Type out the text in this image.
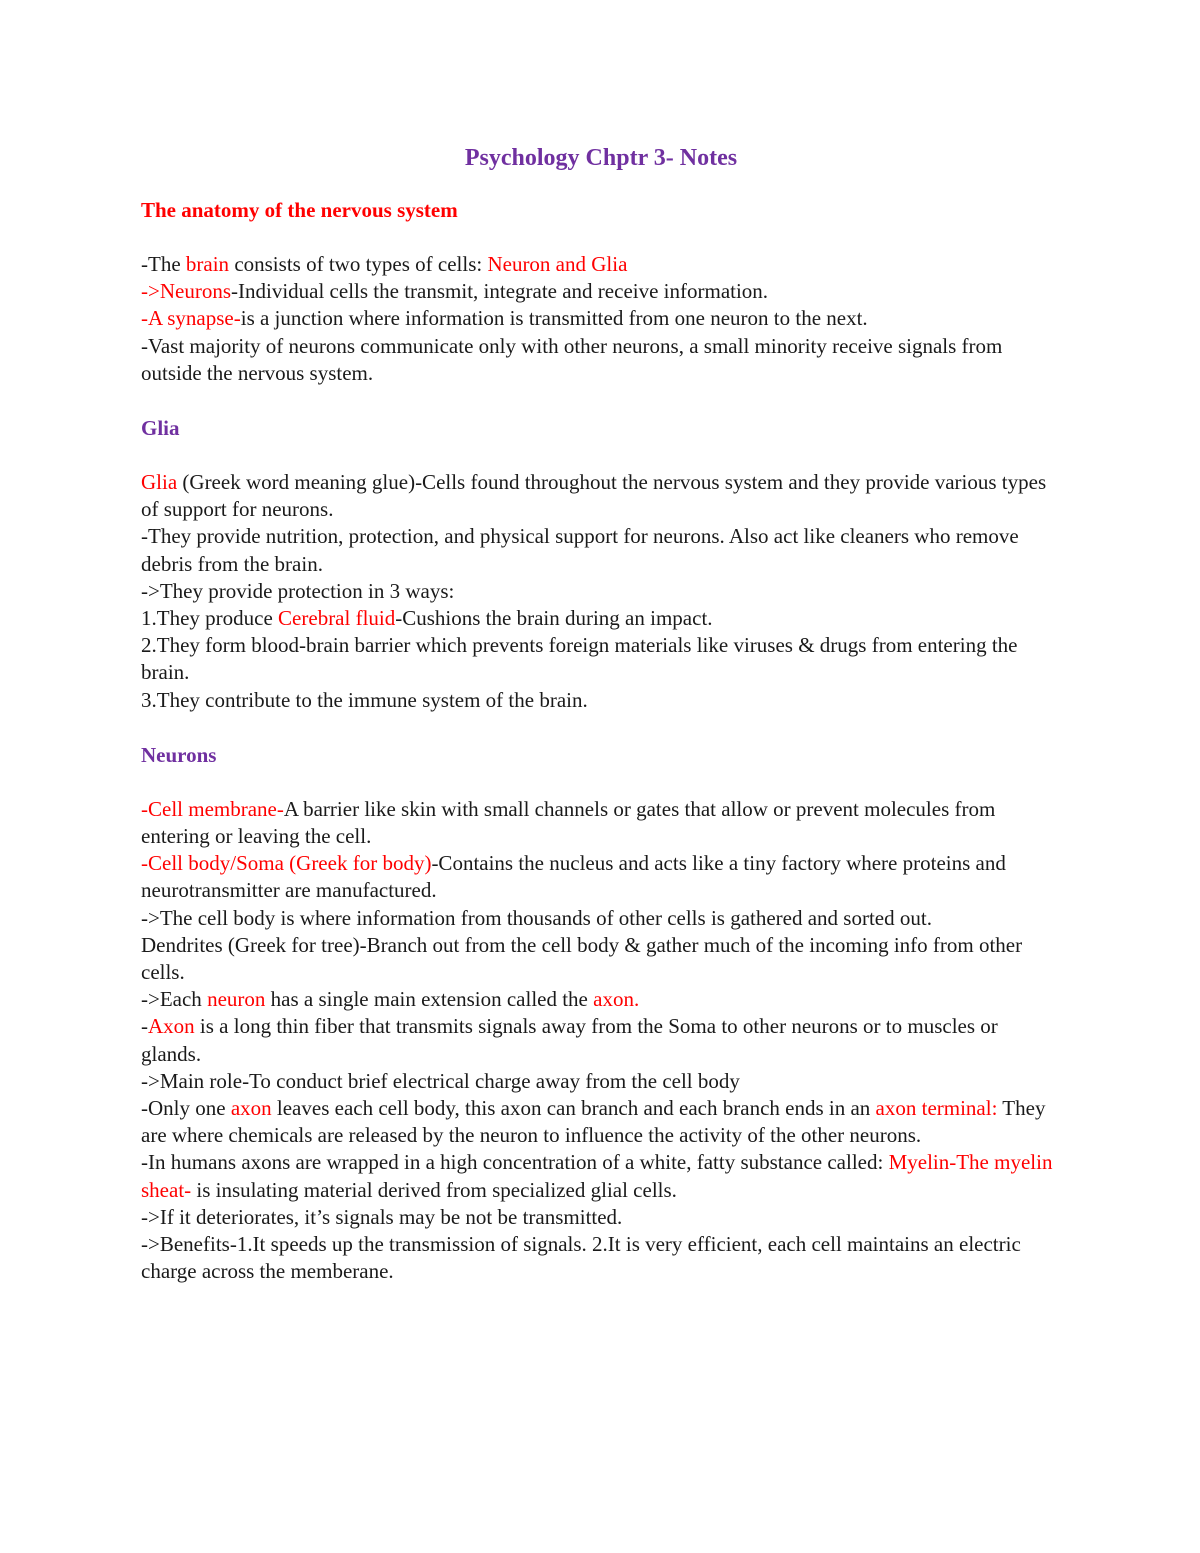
Psychology Chptr 3- Notes
The anatomy of the nervous system
-The brain consists of two types of cells: Neuron and Glia
->Neurons-Individual cells the transmit, integrate and receive information.
-A synapse-is a junction where information is transmitted from one neuron to the next.
-Vast majority of neurons communicate only with other neurons, a small minority receive signals from outside the nervous system.
Glia
Glia (Greek word meaning glue)-Cells found throughout the nervous system and they provide various types of support for neurons.
-They provide nutrition, protection, and physical support for neurons. Also act like cleaners who remove debris from the brain.
->They provide protection in 3 ways:
1.They produce Cerebral fluid-Cushions the brain during an impact.
2.They form blood-brain barrier which prevents foreign materials like viruses & drugs from entering the brain.
3.They contribute to the immune system of the brain.
Neurons
-Cell membrane-A barrier like skin with small channels or gates that allow or prevent molecules from entering or leaving the cell.
-Cell body/Soma (Greek for body)-Contains the nucleus and acts like a tiny factory where proteins and neurotransmitter are manufactured.
->The cell body is where information from thousands of other cells is gathered and sorted out.
Dendrites (Greek for tree)-Branch out from the cell body & gather much of the incoming info from other cells.
->Each neuron has a single main extension called the axon.
-Axon is a long thin fiber that transmits signals away from the Soma to other neurons or to muscles or glands.
->Main role-To conduct brief electrical charge away from the cell body
-Only one axon leaves each cell body, this axon can branch and each branch ends in an axon terminal: They are where chemicals are released by the neuron to influence the activity of the other neurons.
-In humans axons are wrapped in a high concentration of a white, fatty substance called: Myelin-The myelin sheat- is insulating material derived from specialized glial cells.
->If it deteriorates, it’s signals may be not be transmitted.
->Benefits-1.It speeds up the transmission of signals. 2.It is very efficient, each cell maintains an electric charge across the memberane.
